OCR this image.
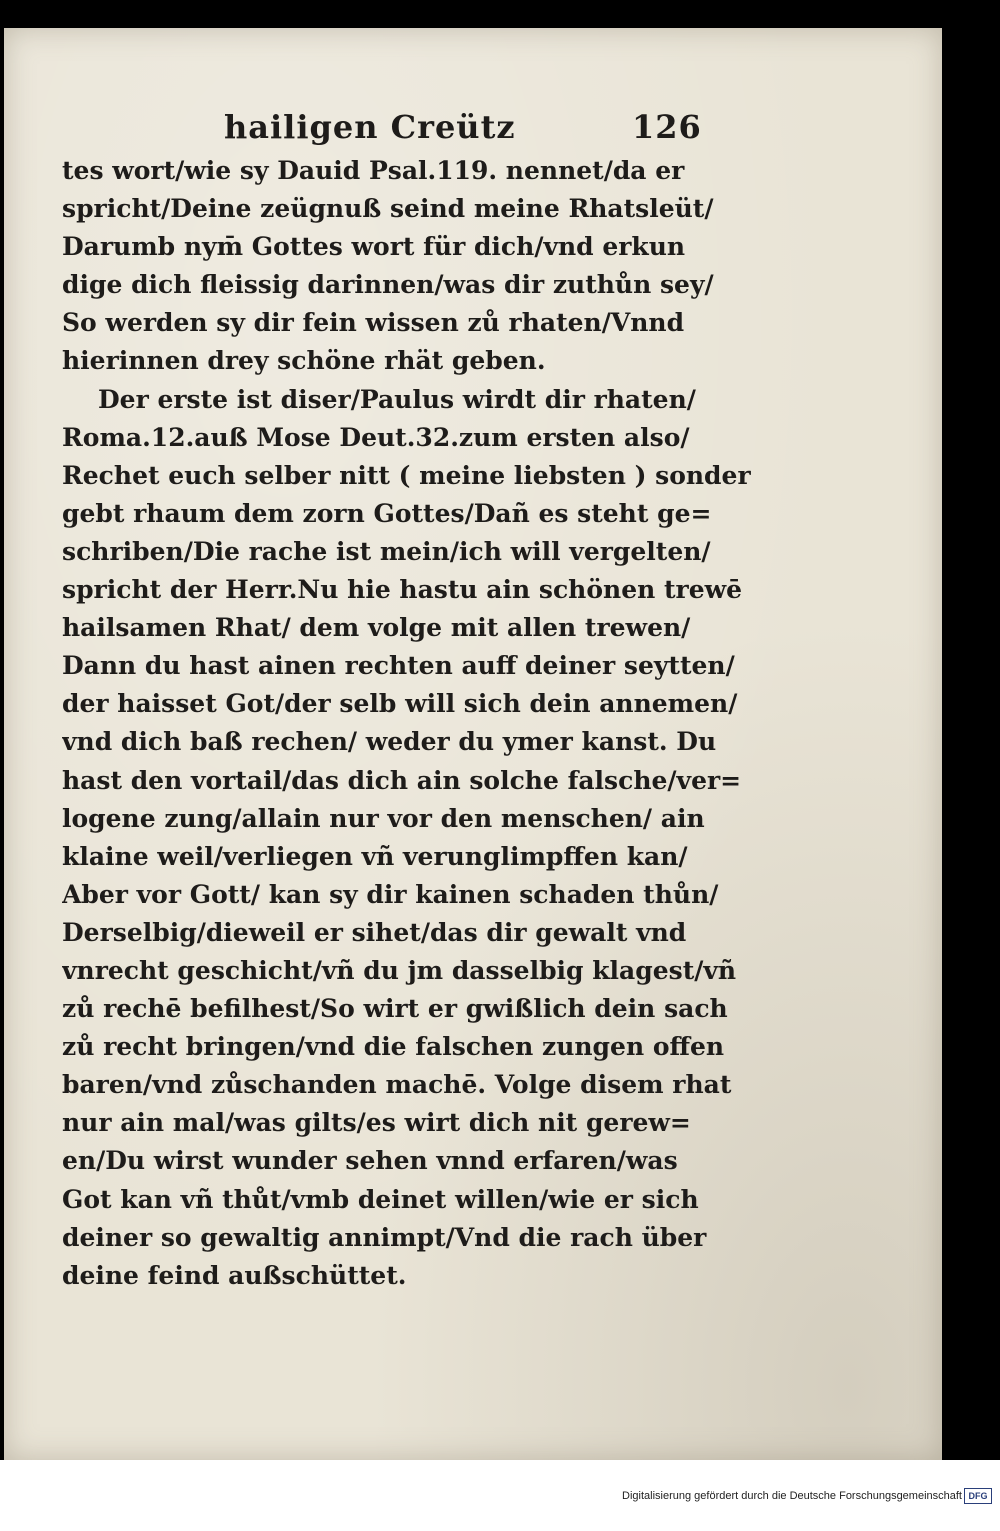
hailigen Creütz	126
tes wort/wie sy Dauid Psal.119. nennet/da er
spricht/Deine zeügnuß seind meine Rhatsleüt/
Darumb nym̄ Gottes wort für dich/vnd erkun
dige dich fleissig darinnen/was dir zuthůn sey/
So werden sy dir fein wissen zů rhaten/Vnnd
hierinnen drey schöne rhät geben.
Der erste ist diser/Paulus wirdt dir rhaten/
Roma.12.auß Mose Deut.32.zum ersten also/
Rechet euch selber nitt ( meine liebsten ) sonder
gebt rhaum dem zorn Gottes/Dañ es steht ge=
schriben/Die rache ist mein/ich will vergelten/
spricht der Herr.Nu hie hastu ain schönen trewē
hailsamen Rhat/ dem volge mit allen trewen/
Dann du hast ainen rechten auff deiner seytten/
der haisset Got/der selb will sich dein annemen/
vnd dich baß rechen/ weder du ymer kanst. Du
hast den vortail/das dich ain solche falsche/ver=
logene zung/allain nur vor den menschen/ ain
klaine weil/verliegen vñ verunglimpffen kan/
Aber vor Gott/ kan sy dir kainen schaden thůn/
Derselbig/dieweil er sihet/das dir gewalt vnd
vnrecht geschicht/vñ du jm dasselbig klagest/vñ
zů rechē befilhest/So wirt er gwißlich dein sach
zů recht bringen/vnd die falschen zungen offen
baren/vnd zůschanden machē. Volge disem rhat
nur ain mal/was gilts/es wirt dich nit gerew=
en/Du wirst wunder sehen vnnd erfaren/was
Got kan vñ thůt/vmb deinet willen/wie er sich
deiner so gewaltig annimpt/Vnd die rach über
deine feind außschüttet.
Digitalisierung gefördert durch die Deutsche Forschungsgemeinschaft DFG
